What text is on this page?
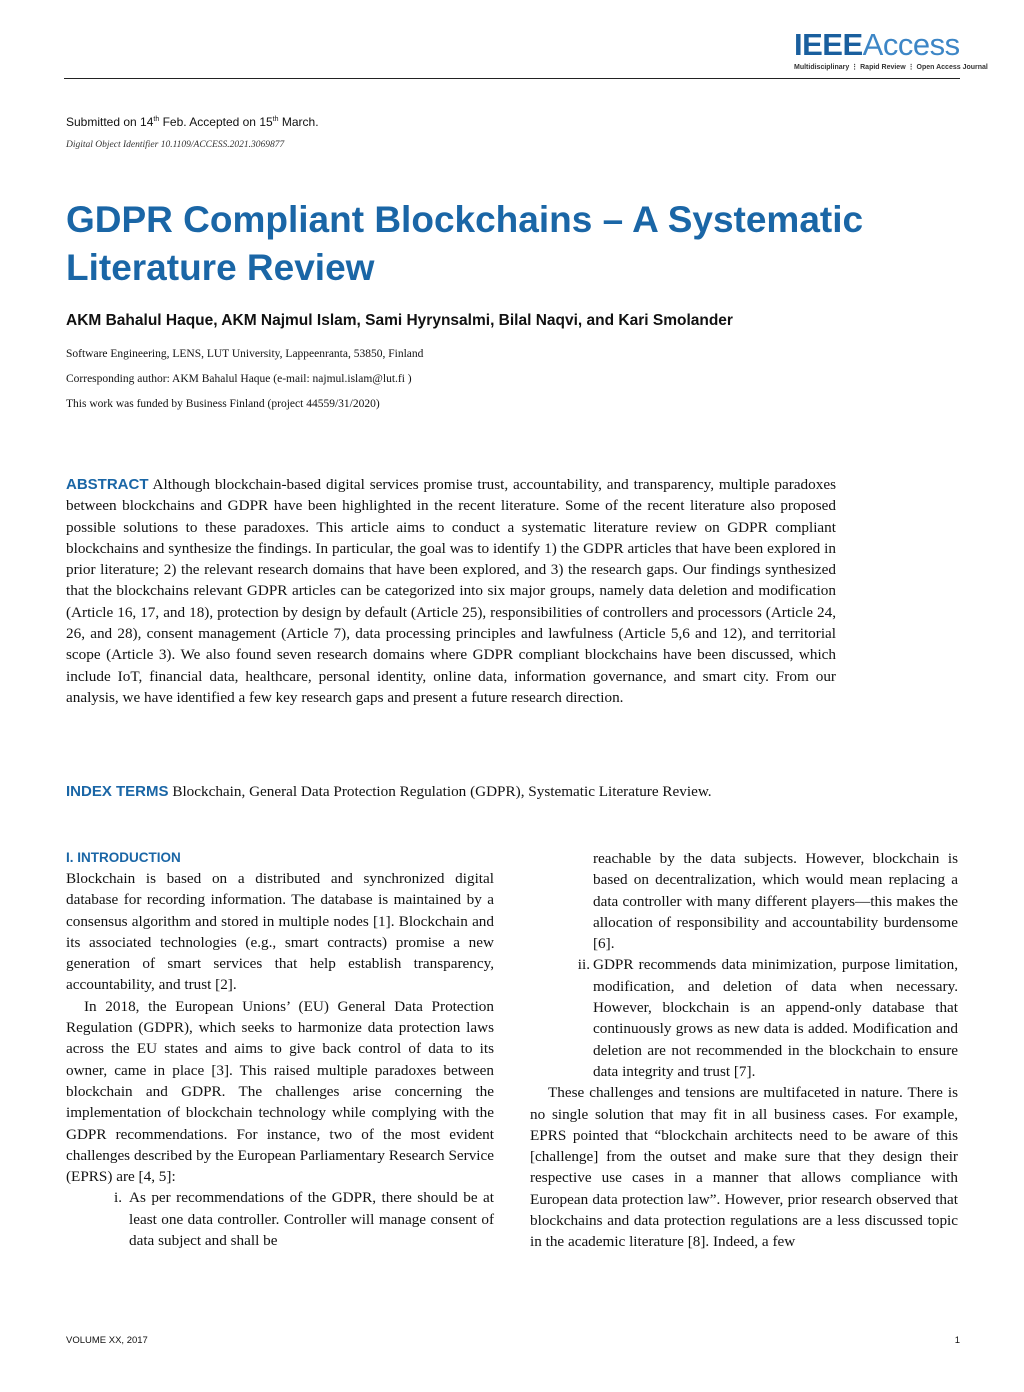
IEEEAccess
Multidisciplinary ⋮ Rapid Review ⋮ Open Access Journal
Submitted on 14th Feb. Accepted on 15th March.
Digital Object Identifier 10.1109/ACCESS.2021.3069877
GDPR Compliant Blockchains – A Systematic
Literature Review

AKM Bahalul Haque, AKM Najmul Islam, Sami Hyrynsalmi, Bilal Naqvi, and Kari Smolander

Software Engineering, LENS, LUT University, Lappeenranta, 53850, Finland
Corresponding author: AKM Bahalul Haque (e-mail: najmul.islam@lut.fi )
This work was funded by Business Finland (project 44559/31/2020)

ABSTRACT Although blockchain-based digital services promise trust, accountability, and transparency, multiple paradoxes between blockchains and GDPR have been highlighted in the recent literature. Some of the recent literature also proposed possible solutions to these paradoxes. This article aims to conduct a systematic literature review on GDPR compliant blockchains and synthesize the findings. In particular, the goal was to identify 1) the GDPR articles that have been explored in prior literature; 2) the relevant research domains that have been explored, and 3) the research gaps. Our findings synthesized that the blockchains relevant GDPR articles can be categorized into six major groups, namely data deletion and modification (Article 16, 17, and 18), protection by design by default (Article 25), responsibilities of controllers and processors (Article 24, 26, and 28), consent management (Article 7), data processing principles and lawfulness (Article 5,6 and 12), and territorial scope (Article 3). We also found seven research domains where GDPR compliant blockchains have been discussed, which include IoT, financial data, healthcare, personal identity, online data, information governance, and smart city. From our analysis, we have identified a few key research gaps and present a future research direction.

INDEX TERMS Blockchain, General Data Protection Regulation (GDPR), Systematic Literature Review.

I. INTRODUCTION

Blockchain is based on a distributed and synchronized digital database for recording information. The database is maintained by a consensus algorithm and stored in multiple nodes [1]. Blockchain and its associated technologies (e.g., smart contracts) promise a new generation of smart services that help establish transparency, accountability, and trust [2].

In 2018, the European Unions’ (EU) General Data Protection Regulation (GDPR), which seeks to harmonize data protection laws across the EU states and aims to give back control of data to its owner, came in place [3]. This raised multiple paradoxes between blockchain and GDPR. The challenges arise concerning the implementation of blockchain technology while complying with the GDPR recommendations. For instance, two of the most evident challenges described by the European Parliamentary Research Service (EPRS) are [4, 5]:

i. As per recommendations of the GDPR, there should be at least one data controller. Controller will manage consent of data subject and shall be

reachable by the data subjects. However, blockchain is based on decentralization, which would mean replacing a data controller with many different players—this makes the allocation of responsibility and accountability burdensome [6].

ii. GDPR recommends data minimization, purpose limitation, modification, and deletion of data when necessary. However, blockchain is an append-only database that continuously grows as new data is added. Modification and deletion are not recommended in the blockchain to ensure data integrity and trust [7].

These challenges and tensions are multifaceted in nature. There is no single solution that may fit in all business cases. For example, EPRS pointed that “blockchain architects need to be aware of this [challenge] from the outset and make sure that they design their respective use cases in a manner that allows compliance with European data protection law”. However, prior research observed that blockchains and data protection regulations are a less discussed topic in the academic literature [8]. Indeed, a few

VOLUME XX, 2017	1
